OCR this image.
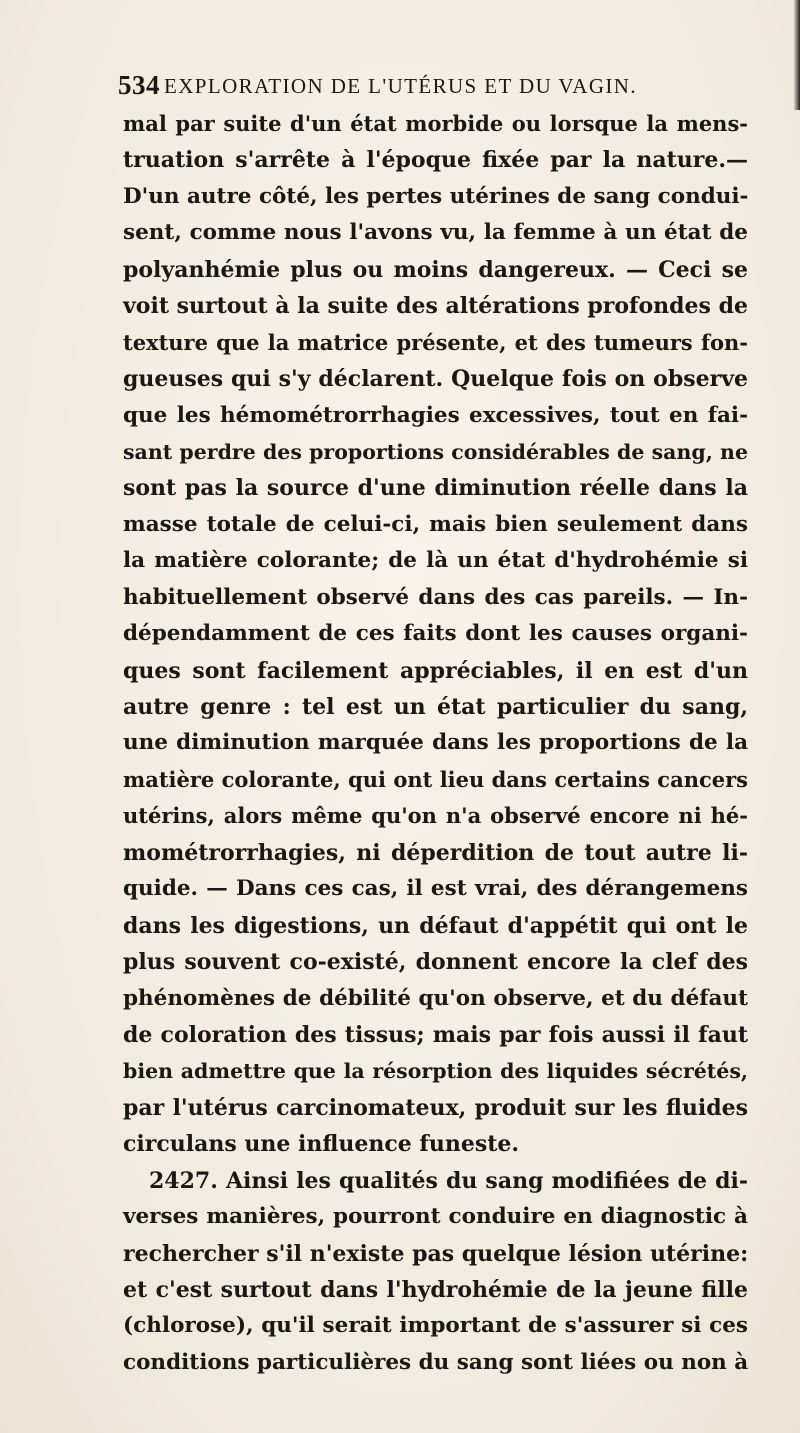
534 EXPLORATION DE L'UTÉRUS ET DU VAGIN.
mal par suite d'un état morbide ou lorsque la mens-
truation s'arrête à l'époque fixée par la nature.—
D'un autre côté, les pertes utérines de sang condui-
sent, comme nous l'avons vu, la femme à un état de
polyanhémie plus ou moins dangereux. — Ceci se
voit surtout à la suite des altérations profondes de
texture que la matrice présente, et des tumeurs fon-
gueuses qui s'y déclarent. Quelque fois on observe
que les hémométrorrhagies excessives, tout en fai-
sant perdre des proportions considérables de sang, ne
sont pas la source d'une diminution réelle dans la
masse totale de celui-ci, mais bien seulement dans
la matière colorante; de là un état d'hydrohémie si
habituellement observé dans des cas pareils. — In-
dépendamment de ces faits dont les causes organi-
ques sont facilement appréciables, il en est d'un
autre genre : tel est un état particulier du sang,
une diminution marquée dans les proportions de la
matière colorante, qui ont lieu dans certains cancers
utérins, alors même qu'on n'a observé encore ni hé-
mométrorrhagies, ni déperdition de tout autre li-
quide. — Dans ces cas, il est vrai, des dérangemens
dans les digestions, un défaut d'appétit qui ont le
plus souvent co-existé, donnent encore la clef des
phénomènes de débilité qu'on observe, et du défaut
de coloration des tissus; mais par fois aussi il faut
bien admettre que la résorption des liquides sécrétés,
par l'utérus carcinomateux, produit sur les fluides
circulans une influence funeste.
2427. Ainsi les qualités du sang modifiées de di-
verses manières, pourront conduire en diagnostic à
rechercher s'il n'existe pas quelque lésion utérine:
et c'est surtout dans l'hydrohémie de la jeune fille
(chlorose), qu'il serait important de s'assurer si ces
conditions particulières du sang sont liées ou non à
